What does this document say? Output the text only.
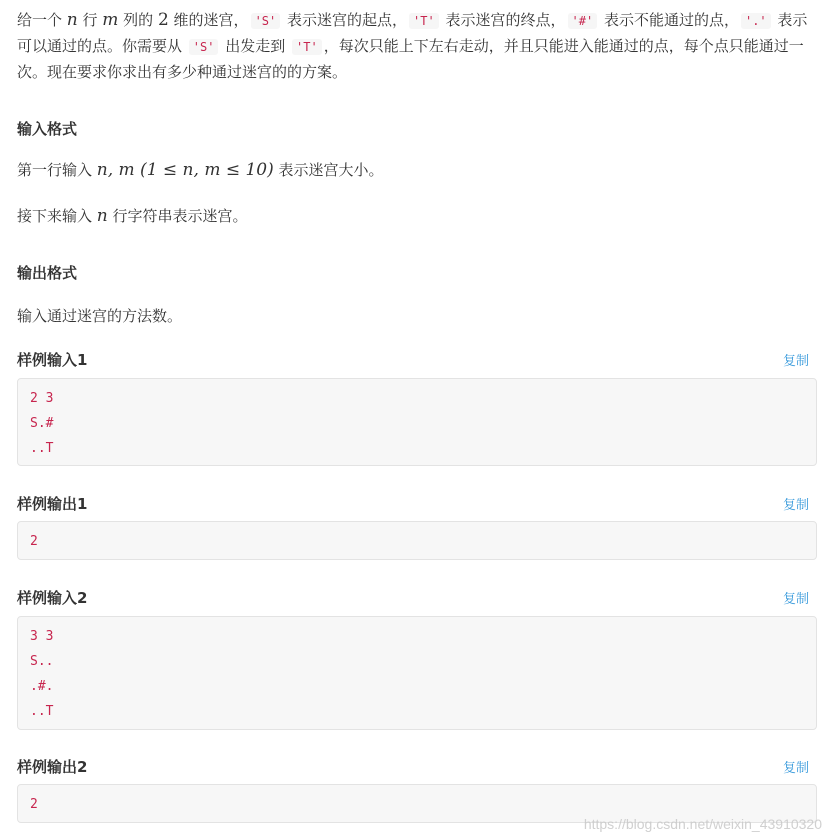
给一个 n 行 m 列的 2 维的迷宫， 'S' 表示迷宫的起点， 'T' 表示迷宫的终点， '#' 表示不能通过的点， '.' 表示可以通过的点。你需要从 'S' 出发走到 'T' ，每次只能上下左右走动，并且只能进入能通过的点，每个点只能通过一次。现在要求你求出有多少种通过迷宫的的方案。

输入格式

第一行输入 n, m (1 ≤ n, m ≤ 10) 表示迷宫大小。

接下来输入 n 行字符串表示迷宫。

输出格式

输入通过迷宫的方法数。

样例输入1	复制
2 3
S.#
..T
样例输出1	复制
2
样例输入2	复制
3 3
S..
.#.
..T
样例输出2	复制
2
https://blog.csdn.net/weixin_43910320
